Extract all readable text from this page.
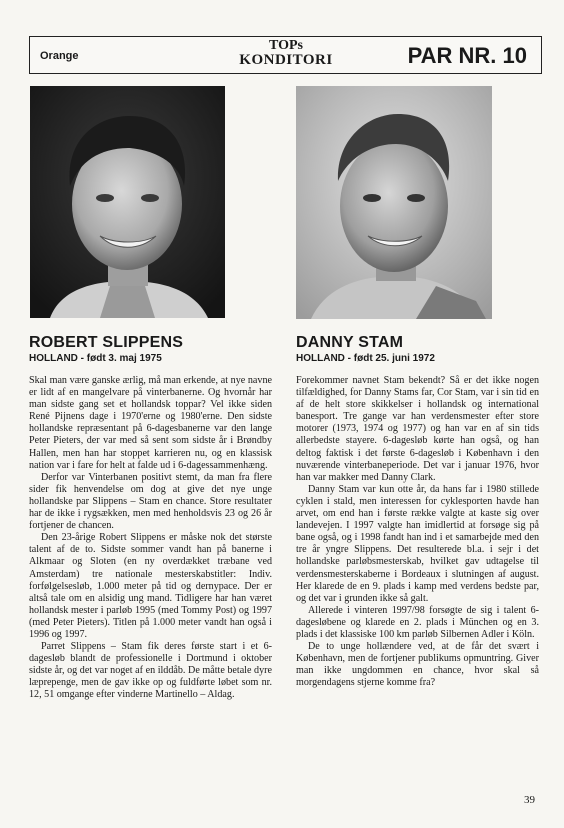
Orange
TOPs
KONDITORI	PAR NR. 10
ROBERT SLIPPENS
HOLLAND - født 3. maj 1975
DANNY STAM
HOLLAND - født 25. juni 1972

Skal man være ganske ærlig, må man erkende, at nye navne er lidt af en mangelvare på vinterbanerne. Og hvornår har man sidste gang set et hollandsk toppar? Vel ikke siden René Pijnens dage i 1970'erne og 1980'erne. Den sidste hollandske repræsentant på 6-dagesbanerne var den lange Peter Pieters, der var med så sent som sidste år i Brøndby Hallen, men han har stoppet karrieren nu, og en klassisk nation var i fare for helt at falde ud i 6-dagessammenhæng.

Derfor var Vinterbanen positivt stemt, da man fra flere sider fik henvendelse om dog at give det nye unge hollandske par Slippens – Stam en chance. Store resultater har de ikke i rygsækken, men med henholdsvis 23 og 26 år fortjener de chancen.

Den 23-årige Robert Slippens er måske nok det største talent af de to. Sidste sommer vandt han på banerne i Alkmaar og Sloten (en ny overdækket træbane ved Amsterdam) tre nationale mesterskabstitler: Indiv. forfølgelsesløb, 1.000 meter på tid og dernypace. Der er altså tale om en alsidig ung mand. Tidligere har han været hollandsk mester i parløb 1995 (med Tommy Post) og 1997 (med Peter Pieters). Titlen på 1.000 meter vandt han også i 1996 og 1997.

Parret Slippens – Stam fik deres første start i et 6-dagesløb blandt de professionelle i Dortmund i oktober sidste år, og det var noget af en ilddåb. De måtte betale dyre læprepenge, men de gav ikke op og fuldførte løbet som nr. 12, 51 omgange efter vinderne Martinello – Aldag.

Forekommer navnet Stam bekendt? Så er det ikke nogen tilfældighed, for Danny Stams far, Cor Stam, var i sin tid en af de helt store skikkelser i hollandsk og international banesport. Tre gange var han verdensmester efter store motorer (1973, 1974 og 1977) og han var en af sin tids allerbedste stayere. 6-dagesløb kørte han også, og han deltog faktisk i det første 6-dagesløb i København i den nuværende vinterbaneperiode. Det var i januar 1976, hvor han var makker med Danny Clark.

Danny Stam var kun otte år, da hans far i 1980 stillede cyklen i stald, men interessen for cyklesporten havde han arvet, om end han i første række valgte at kaste sig over landevejen. I 1997 valgte han imidlertid at forsøge sig på bane også, og i 1998 fandt han ind i et samarbejde med den tre år yngre Slippens. Det resulterede bl.a. i sejr i det hollandske parløbsmesterskab, hvilket gav udtagelse til verdensmesterskaberne i Bordeaux i slutningen af august. Her klarede de en 9. plads i kamp med verdens bedste par, og det var i grunden ikke så galt.

Allerede i vinteren 1997/98 forsøgte de sig i talent 6-dagesløbene og klarede en 2. plads i München og en 3. plads i det klassiske 100 km parløb Silbernen Adler i Köln.

De to unge hollændere ved, at de får det svært i København, men de fortjener publikums opmuntring. Giver man ikke ungdommen en chance, hvor skal så morgendagens stjerne komme fra?

39
